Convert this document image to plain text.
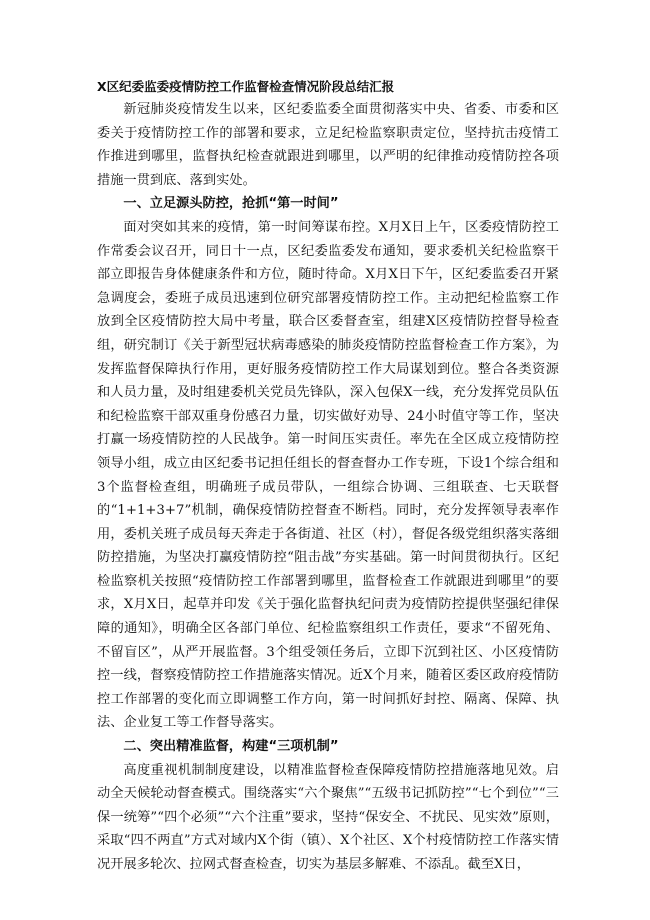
X区纪委监委疫情防控工作监督检查情况阶段总结汇报

新冠肺炎疫情发生以来，区纪委监委全面贯彻落实中央、省委、市委和区委关于疫情防控工作的部署和要求，立足纪检监察职责定位，坚持抗击疫情工作推进到哪里，监督执纪检查就跟进到哪里，以严明的纪律推动疫情防控各项措施一贯到底、落到实处。

一、立足源头防控，抢抓“第一时间”

面对突如其来的疫情，第一时间筹谋布控。X月X日上午，区委疫情防控工作常委会议召开，同日十一点，区纪委监委发布通知，要求委机关纪检监察干部立即报告身体健康条件和方位，随时待命。X月X日下午，区纪委监委召开紧急调度会，委班子成员迅速到位研究部署疫情防控工作。主动把纪检监察工作放到全区疫情防控大局中考量，联合区委督查室，组建X区疫情防控督导检查组，研究制订《关于新型冠状病毒感染的肺炎疫情防控监督检查工作方案》，为发挥监督保障执行作用，更好服务疫情防控工作大局谋划到位。整合各类资源和人员力量，及时组建委机关党员先锋队，深入包保X一线，充分发挥党员队伍和纪检监察干部双重身份感召力量，切实做好劝导、24小时值守等工作，坚决打赢一场疫情防控的人民战争。第一时间压实责任。率先在全区成立疫情防控领导小组，成立由区纪委书记担任组长的督查督办工作专班，下设1个综合组和3个监督检查组，明确班子成员带队，一组综合协调、三组联查、七天联督的“1+1+3+7”机制，确保疫情防控督查不断档。同时，充分发挥领导表率作用，委机关班子成员每天奔走于各街道、社区（村），督促各级党组织落实落细防控措施，为坚决打赢疫情防控“阻击战”夯实基础。第一时间贯彻执行。区纪检监察机关按照“疫情防控工作部署到哪里，监督检查工作就跟进到哪里”的要求，X月X日，起草并印发《关于强化监督执纪问责为疫情防控提供坚强纪律保障的通知》，明确全区各部门单位、纪检监察组织工作责任，要求“不留死角、不留盲区”，从严开展监督。3个组受领任务后，立即下沉到社区、小区疫情防控一线，督察疫情防控工作措施落实情况。近X个月来，随着区委区政府疫情防控工作部署的变化而立即调整工作方向，第一时间抓好封控、隔离、保障、执法、企业复工等工作督导落实。

二、突出精准监督，构建“三项机制”

高度重视机制制度建设，以精准监督检查保障疫情防控措施落地见效。启动全天候轮动督查模式。围绕落实“六个聚焦”“五级书记抓防控”“七个到位”“三保一统筹”“四个必须”“六个注重”要求，坚持“保安全、不扰民、见实效”原则，采取“四不两直”方式对域内X个街（镇）、X个社区、X个村疫情防控工作落实情况开展多轮次、拉网式督查检查，切实为基层多解难、不添乱。截至X日，
